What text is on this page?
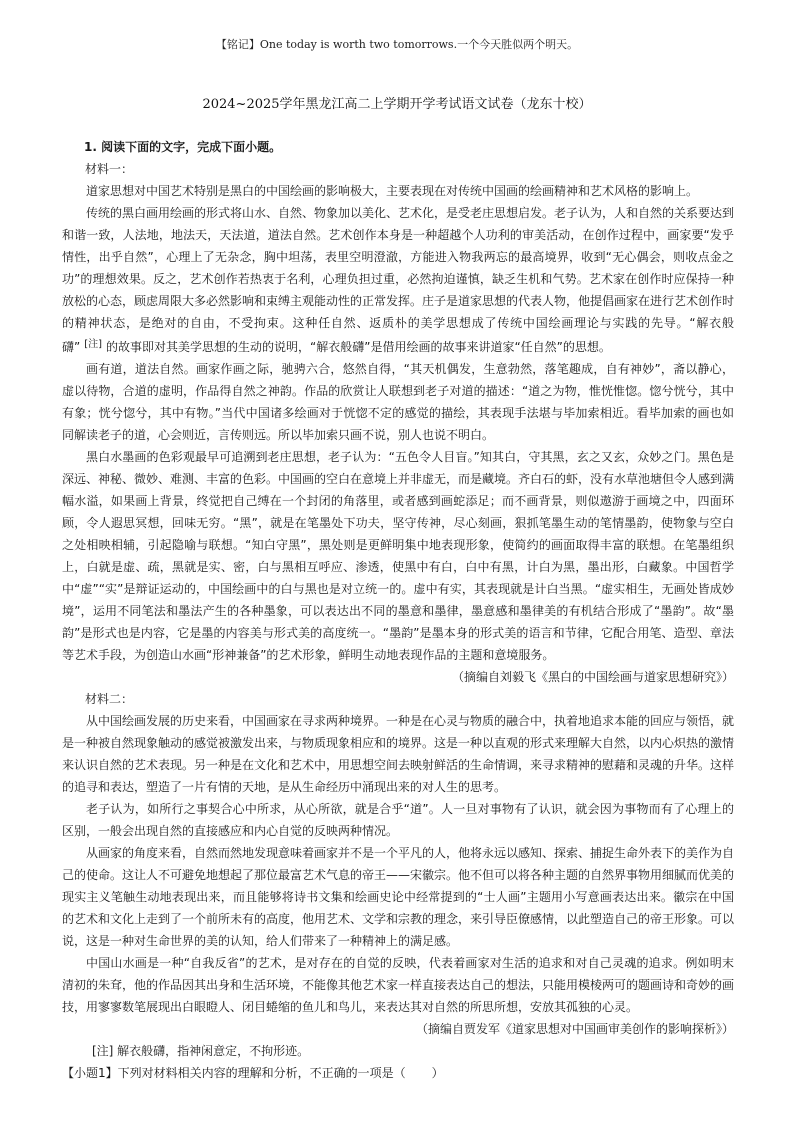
【铭记】One today is worth two tomorrows.一个今天胜似两个明天。
2024~2025学年黑龙江高二上学期开学考试语文试卷（龙东十校）
1. 阅读下面的文字，完成下面小题。
材料一：

道家思想对中国艺术特别是黑白的中国绘画的影响极大，主要表现在对传统中国画的绘画精神和艺术风格的影响上。

传统的黑白画用绘画的形式将山水、自然、物象加以美化、艺术化，是受老庄思想启发。老子认为，人和自然的关系要达到和谐一致，人法地，地法天，天法道，道法自然。艺术创作本身是一种超越个人功利的审美活动，在创作过程中，画家要“发乎情性，出乎自然”，心理上了无杂念，胸中坦荡，表里空明澄澈，方能进入物我两忘的最高境界，收到“无心偶会，则收点金之功”的理想效果。反之，艺术创作若热衷于名利，心理负担过重，必然拘迫谨慎，缺乏生机和气势。艺术家在创作时应保持一种放松的心态，顾虑周限大多必然影响和束缚主观能动性的正常发挥。庄子是道家思想的代表人物，他提倡画家在进行艺术创作时的精神状态，是绝对的自由，不受拘束。这种任自然、返质朴的美学思想成了传统中国绘画理论与实践的先导。“解衣般礴” [注] 的故事即对其美学思想的生动的说明，“解衣般礴”是借用绘画的故事来讲道家“任自然”的思想。

画有道，道法自然。画家作画之际，驰骋六合，悠然自得，“其天机偶发，生意勃然，落笔趣成，自有神妙”，斋以静心，虚以待物，合道的虚明，作品得自然之神韵。作品的欣赏让人联想到老子对道的描述：“道之为物，惟恍惟惚。惚兮恍兮，其中有象；恍兮惚兮，其中有物。”当代中国诸多绘画对于恍惚不定的感觉的描绘，其表现手法堪与毕加索相近。看毕加索的画也如同解读老子的道，心会则近，言传则远。所以毕加索只画不说，别人也说不明白。

黑白水墨画的色彩观最早可追溯到老庄思想，老子认为：“五色令人目盲。”知其白，守其黑，玄之又玄，众妙之门。黑色是深远、神秘、微妙、难测、丰富的色彩。中国画的空白在意境上并非虚无，而是藏境。齐白石的虾，没有水草池塘但令人感到满幅水溢，如果画上背景，终觉把自己缚在一个封闭的角落里，或者感到画蛇添足；而不画背景，则似遨游于画境之中，四面环顾，令人遐思冥想，回味无穷。“黑”，就是在笔墨处下功夫，坚守传神，尽心刻画，狠抓笔墨生动的笔情墨韵，使物象与空白之处相映相辅，引起隐喻与联想。“知白守黑”，黑处则是更鲜明集中地表现形象，使简约的画面取得丰富的联想。在笔墨组织上，白就是虚、疏，黑就是实、密，白与黑相互呼应、渗透，使黑中有白，白中有黑，计白为黑，墨出形，白藏象。中国哲学中“虚”“实”是辩证运动的，中国绘画中的白与黑也是对立统一的。虚中有实，其表现就是计白当黑。“虚实相生，无画处皆成妙境”，运用不同笔法和墨法产生的各种墨象，可以表达出不同的墨意和墨律，墨意感和墨律美的有机结合形成了“墨韵”。故“墨韵”是形式也是内容，它是墨的内容美与形式美的高度统一。“墨韵”是墨本身的形式美的语言和节律，它配合用笔、造型、章法等艺术手段，为创造山水画“形神兼备”的艺术形象，鲜明生动地表现作品的主题和意境服务。

（摘编自刘毅飞《黑白的中国绘画与道家思想研究》）

材料二：

从中国绘画发展的历史来看，中国画家在寻求两种境界。一种是在心灵与物质的融合中，执着地追求本能的回应与领悟，就是一种被自然现象触动的感觉被激发出来，与物质现象相应和的境界。这是一种以直观的形式来理解大自然，以内心炽热的激情来认识自然的艺术表现。另一种是在文化和艺术中，用思想空间去映射鲜活的生命情调，来寻求精神的慰藉和灵魂的升华。这样的追寻和表达，塑造了一片有情的天地，是从生命经历中涌现出来的对人生的思考。

老子认为，如所行之事契合心中所求，从心所欲，就是合乎“道”。人一旦对事物有了认识，就会因为事物而有了心理上的区别，一般会出现自然的直接感应和内心自觉的反映两种情况。

从画家的角度来看，自然而然地发现意味着画家并不是一个平凡的人，他将永远以感知、探索、捕捉生命外表下的美作为自己的使命。这让人不可避免地想起了那位最富艺术气息的帝王——宋徽宗。他不但可以将各种主题的自然界事物用细腻而优美的现实主义笔触生动地表现出来，而且能够将诗书文集和绘画史论中经常提到的“士人画”主题用小写意画表达出来。徽宗在中国的艺术和文化上走到了一个前所未有的高度，他用艺术、文学和宗教的理念，来引导臣僚感情，以此塑造自己的帝王形象。可以说，这是一种对生命世界的美的认知，给人们带来了一种精神上的满足感。

中国山水画是一种“自我反省”的艺术，是对存在的自觉的反映，代表着画家对生活的追求和对自己灵魂的追求。例如明末清初的朱耷，他的作品因其出身和生活环境，不能像其他艺术家一样直接表达自己的想法，只能用模棱两可的题画诗和奇妙的画技，用寥寥数笔展现出白眼瞪人、闭目蜷缩的鱼儿和鸟儿，来表达其对自然的所思所想，安放其孤独的心灵。

（摘编自贾发军《道家思想对中国画审美创作的影响探析》）

[注] 解衣般礴，指神闲意定，不拘形迹。
【小题1】下列对材料相关内容的理解和分析，不正确的一项是（ ）
